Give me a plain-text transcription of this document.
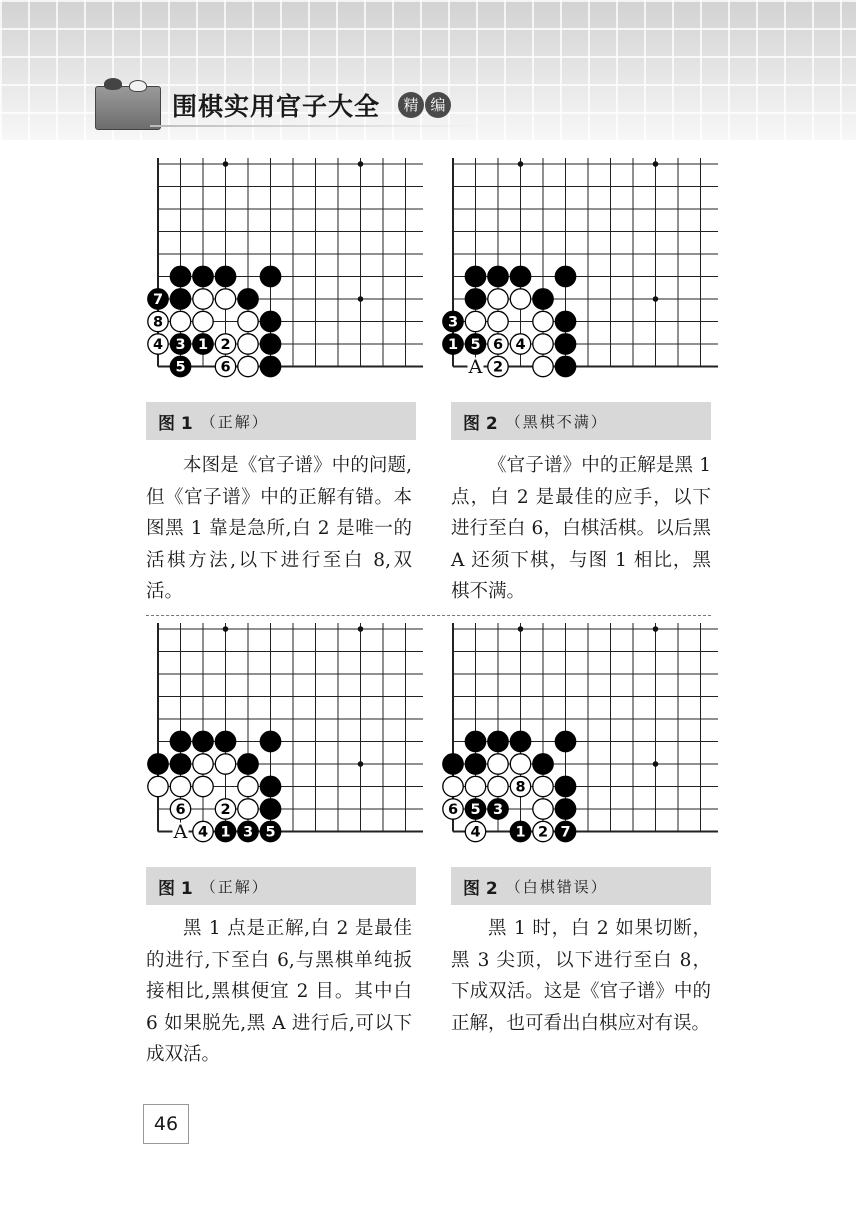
围棋实用官子大全	精 编
7
8
4 3 1 2
5 6	A
3
1 5 6 4
2
A
6 2
4 1 3 5
8
6 5 3
4 1 2 7
图 1 （正解）	图 2 （黑棋不满）
图 1 （正解）	图 2 （白棋错误）

本图是《官子谱》中的问题,但《官子谱》中的正解有错。本图黑 1 靠是急所,白 2 是唯一的活棋方法,以下进行至白 8,双活。

《官子谱》中的正解是黑 1 点，白 2 是最佳的应手，以下进行至白 6，白棋活棋。以后黑 A 还须下棋，与图 1 相比，黑棋不满。

黑 1 点是正解,白 2 是最佳的进行,下至白 6,与黑棋单纯扳接相比,黑棋便宜 2 目。其中白 6 如果脱先,黑 A 进行后,可以下成双活。

黑 1 时，白 2 如果切断，黑 3 尖顶，以下进行至白 8，下成双活。这是《官子谱》中的正解，也可看出白棋应对有误。

46
